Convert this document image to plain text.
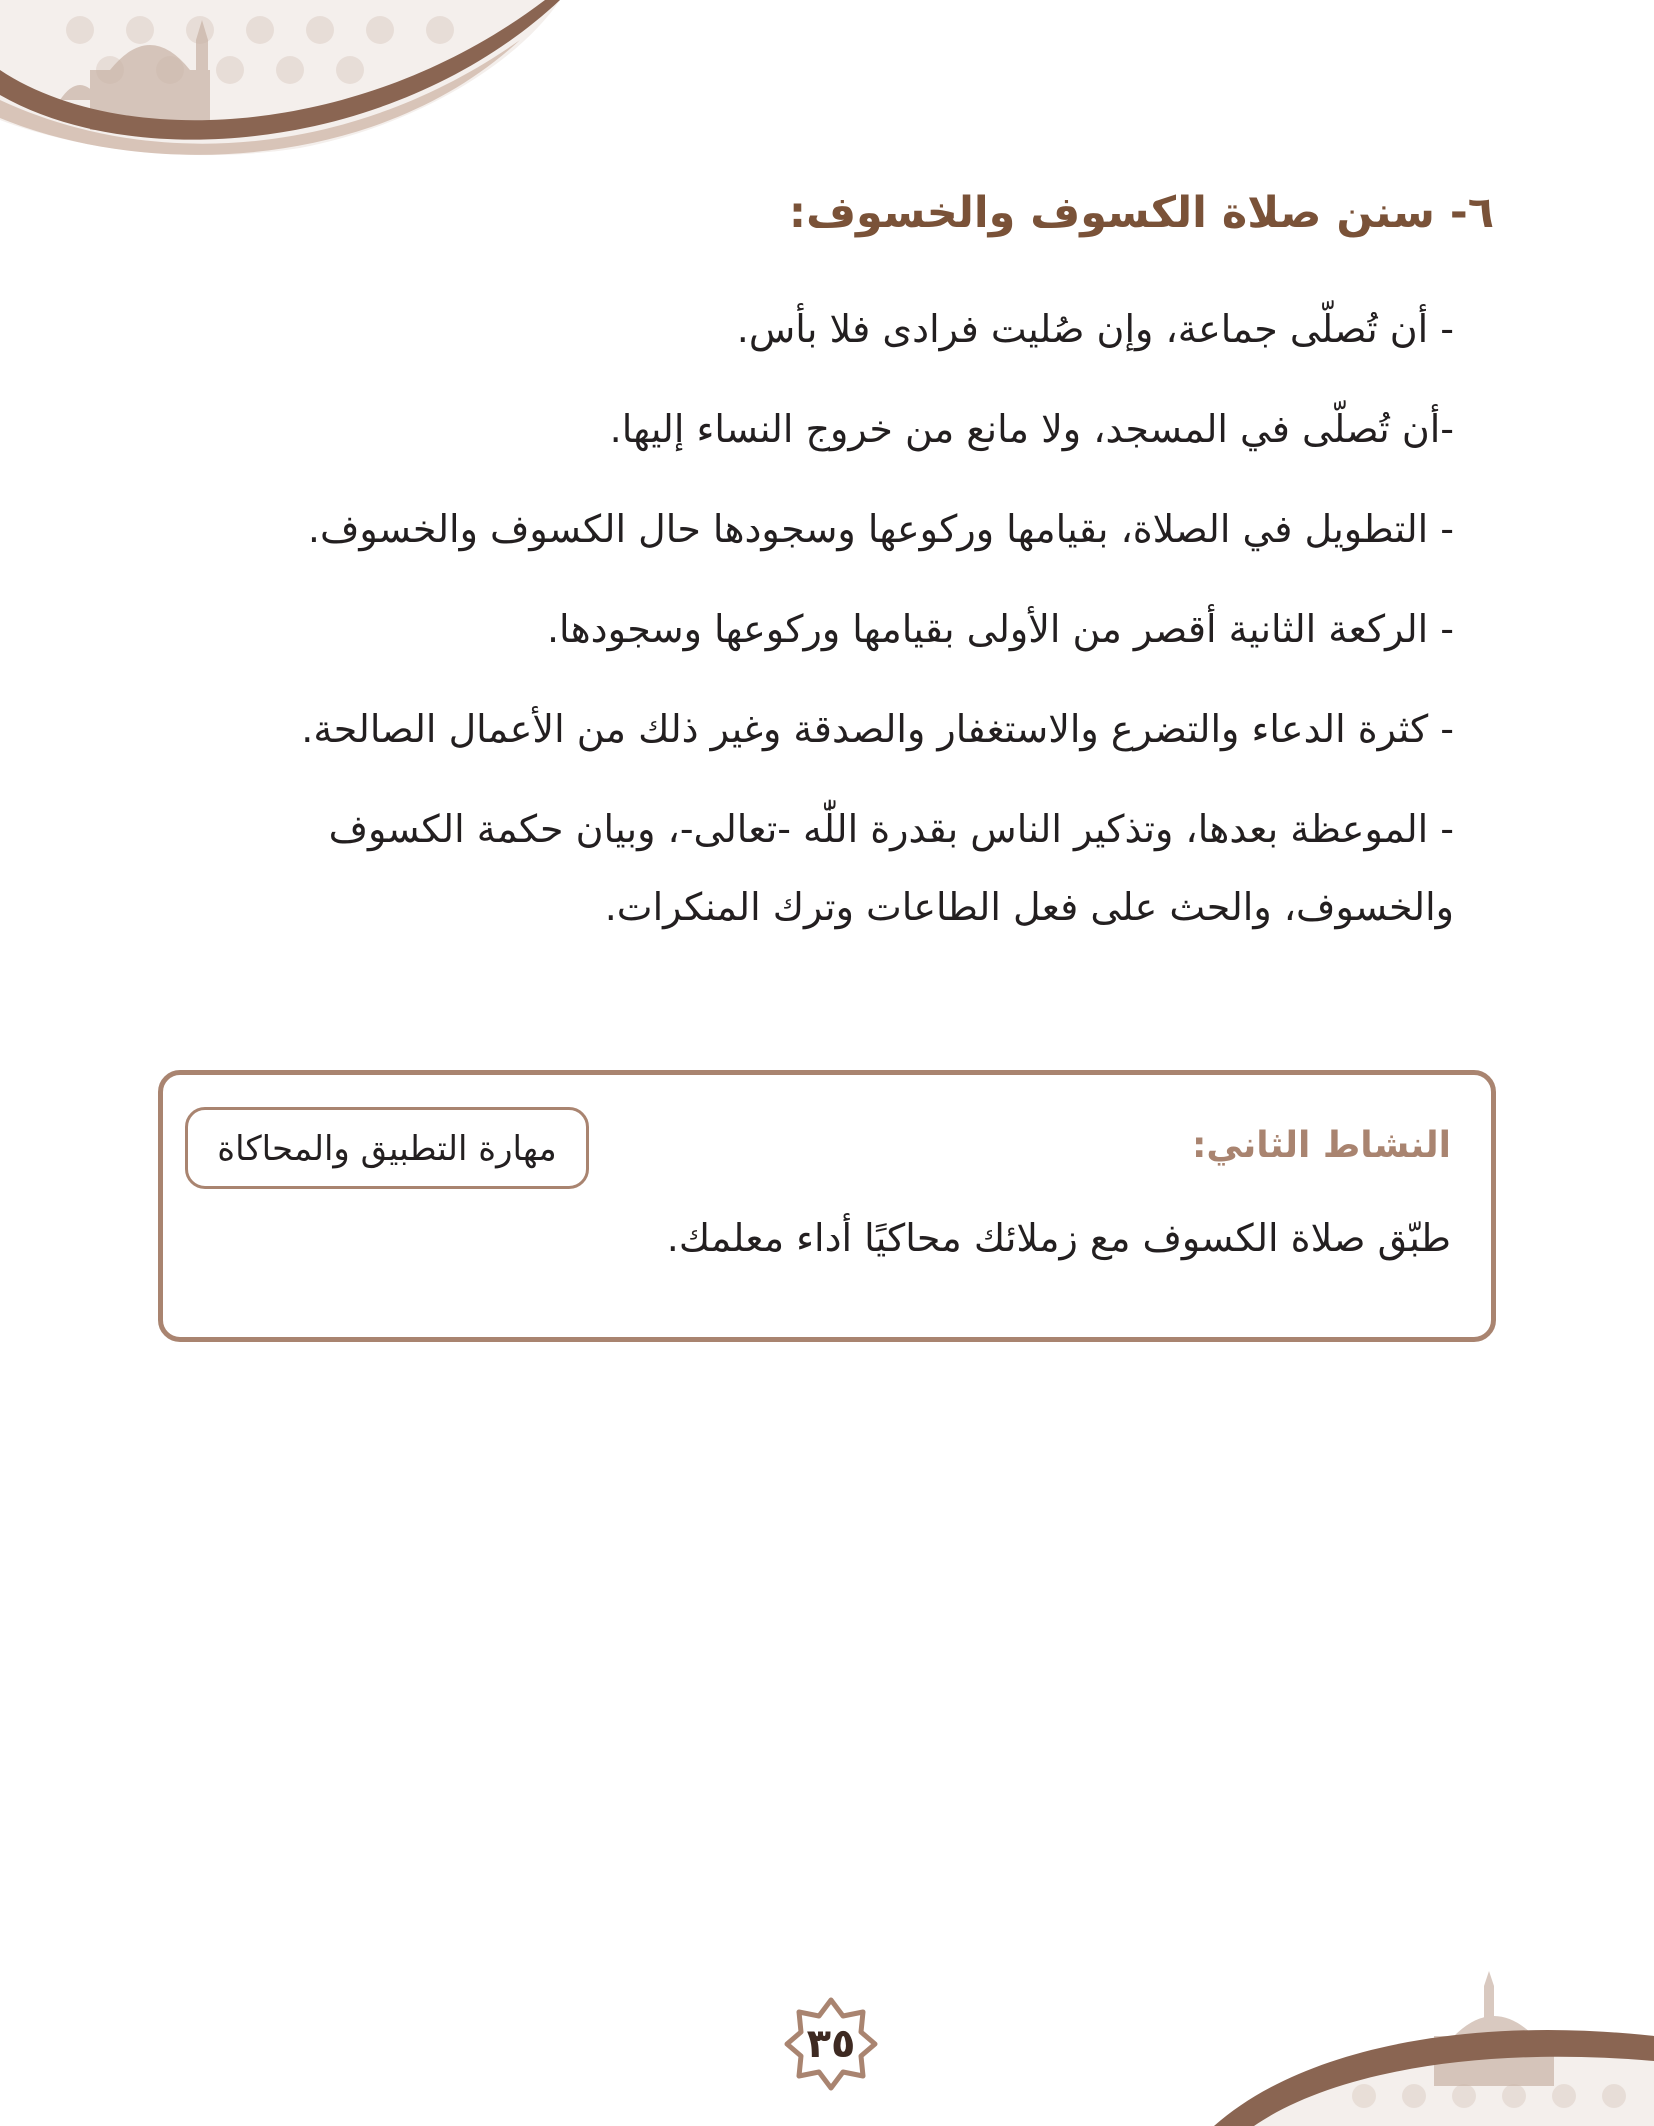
٦- سنن صلاة الكسوف والخسوف:
- أن تُصلّى جماعة، وإن صُليت فرادى فلا بأس.
-أن تُصلّى في المسجد، ولا مانع من خروج النساء إليها.
- التطويل في الصلاة، بقيامها وركوعها وسجودها حال الكسوف والخسوف.
- الركعة الثانية أقصر من الأولى بقيامها وركوعها وسجودها.
- كثرة الدعاء والتضرع والاستغفار والصدقة وغير ذلك من الأعمال الصالحة.
- الموعظة بعدها، وتذكير الناس بقدرة اللّٰه -تعالى-، وبيان حكمة الكسوف والخسوف، والحث على فعل الطاعات وترك المنكرات.
النشاط الثاني:
مهارة التطبيق والمحاكاة
طبّق صلاة الكسوف مع زملائك محاكيًا أداء معلمك.
٣٥
